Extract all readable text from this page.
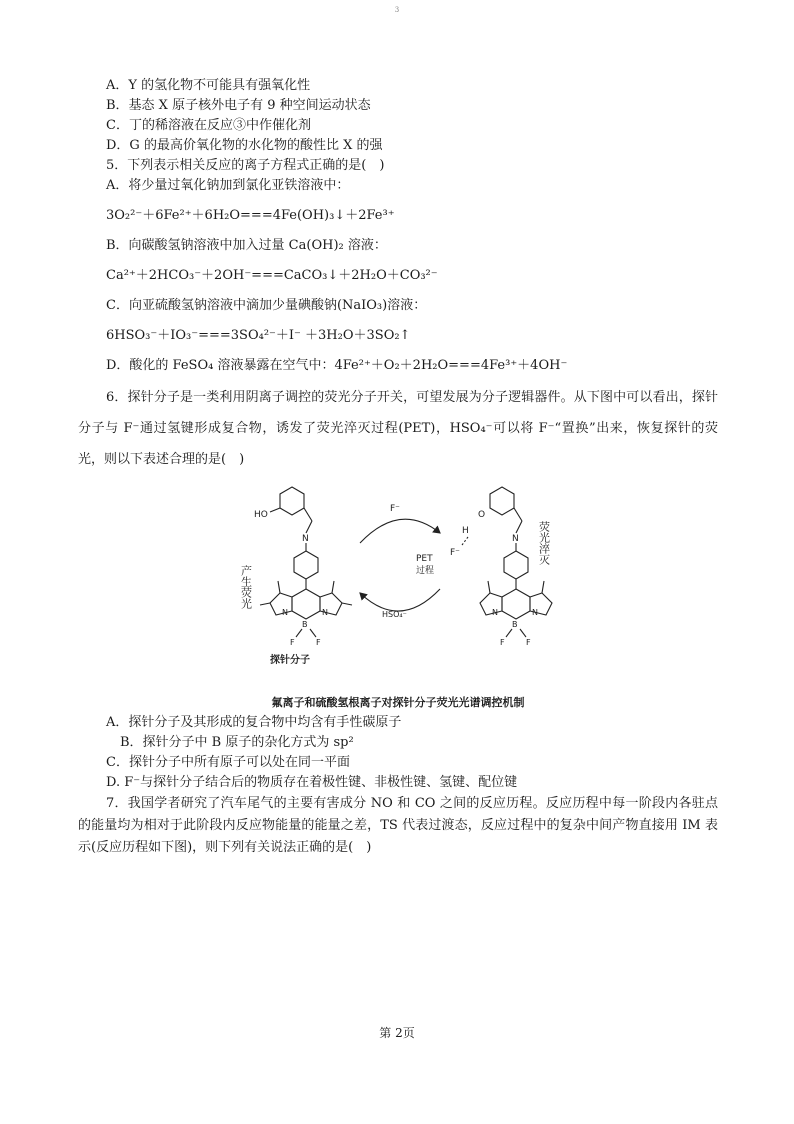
3

A．Y 的氢化物不可能具有强氧化性

B．基态 X 原子核外电子有 9 种空间运动状态

C．丁的稀溶液在反应③中作催化剂

D．G 的最高价氧化物的水化物的酸性比 X 的强

5．下列表示相关反应的离子方程式正确的是(　)

A．将少量过氧化钠加到氯化亚铁溶液中：

3O₂²⁻＋6Fe²⁺＋6H₂O===4Fe(OH)₃↓＋2Fe³⁺

B．向碳酸氢钠溶液中加入过量 Ca(OH)₂ 溶液：

Ca²⁺＋2HCO₃⁻＋2OH⁻===CaCO₃↓＋2H₂O＋CO₃²⁻

C．向亚硫酸氢钠溶液中滴加少量碘酸钠(NaIO₃)溶液：

6HSO₃⁻＋IO₃⁻===3SO₄²⁻＋I⁻ ＋3H₂O＋3SO₂↑

D．酸化的 FeSO₄ 溶液暴露在空气中：4Fe²⁺＋O₂＋2H₂O===4Fe³⁺＋4OH⁻

6．探针分子是一类利用阴离子调控的荧光分子开关，可望发展为分子逻辑器件。从下图中可以看出，探针分子与 F⁻通过氢键形成复合物，诱发了荧光淬灭过程(PET)，HSO₄⁻可以将 F⁻“置换”出来，恢复探针的荧光，则以下表述合理的是(　)

产生荧光
HO
N
N	N
B
F	F
探针分子
F⁻
HSO₄⁻
PET
过程
O
N
H
F⁻
N	N
B
F	F
荧光淬灭
氟离子和硫酸氢根离子对探针分子荧光光谱调控机制

A．探针分子及其形成的复合物中均含有手性碳原子

B．探针分子中 B 原子的杂化方式为 sp²

C．探针分子中所有原子可以处在同一平面

D. F⁻与探针分子结合后的物质存在着极性键、非极性键、氢键、配位键

7．我国学者研究了汽车尾气的主要有害成分 NO 和 CO 之间的反应历程。反应历程中每一阶段内各驻点的能量均为相对于此阶段内反应物能量的能量之差，TS 代表过渡态，反应过程中的复杂中间产物直接用 IM 表示(反应历程如下图)，则下列有关说法正确的是(　)

第 2页
